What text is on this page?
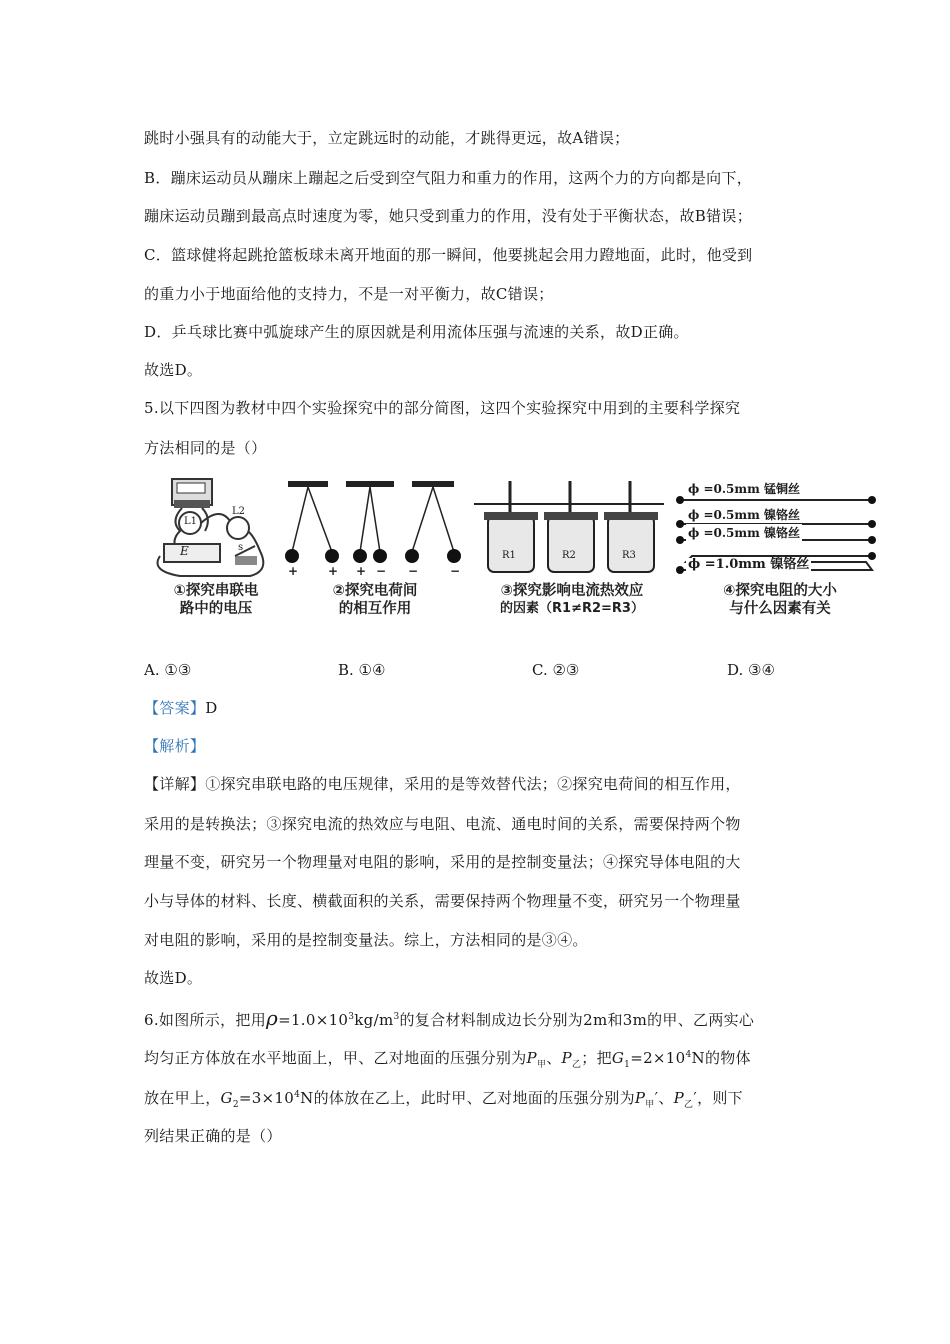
跳时小强具有的动能大于，立定跳远时的动能，才跳得更远，故A错误；
B．蹦床运动员从蹦床上蹦起之后受到空气阻力和重力的作用，这两个力的方向都是向下，
蹦床运动员蹦到最高点时速度为零，她只受到重力的作用，没有处于平衡状态，故B错误；
C．篮球健将起跳抢篮板球未离开地面的那一瞬间，他要挑起会用力蹬地面，此时，他受到
的重力小于地面给他的支持力，不是一对平衡力，故C错误；
D．乒乓球比赛中弧旋球产生的原因就是利用流体压强与流速的关系，故D正确。
故选D。
5.以下四图为教材中四个实验探究中的部分简图，这四个实验探究中用到的主要科学探究
方法相同的是（）
L1
L2
E	s
①探究串联电
路中的电压
+ + + − −	−
②探究电荷间
的相互作用
R1	R2	R3
③探究影响电流热效应
的因素（R1≠R2=R3）
ϕ =0.5mm 锰铜丝
ϕ =0.5mm 镍铬丝
ϕ =0.5mm 镍铬丝
ϕ =1.0mm 镍铬丝
④探究电阻的大小
与什么因素有关
A. ①③	B. ①④	C. ②③	D. ③④
【答案】D
【解析】
【详解】①探究串联电路的电压规律，采用的是等效替代法；②探究电荷间的相互作用，
采用的是转换法；③探究电流的热效应与电阻、电流、通电时间的关系，需要保持两个物
理量不变，研究另一个物理量对电阻的影响，采用的是控制变量法；④探究导体电阻的大
小与导体的材料、长度、横截面积的关系，需要保持两个物理量不变，研究另一个物理量
对电阻的影响，采用的是控制变量法。综上，方法相同的是③④。
故选D。
6.如图所示，把用$\rho=1.0\times 10^3kg/m^3$的复合材料制成边长分别为2m和3m的甲、乙两实心
均匀正方体放在水平地面上，甲、乙对地面的压强分别为$P_甲$、$P_乙$；把$G_1=2\times 10^4N$的物体
放在甲上，$G_2=3\times 10^4N$的体放在乙上，此时甲、乙对地面的压强分别为$P_甲'$、$P_乙'$，则下
列结果正确的是（）
